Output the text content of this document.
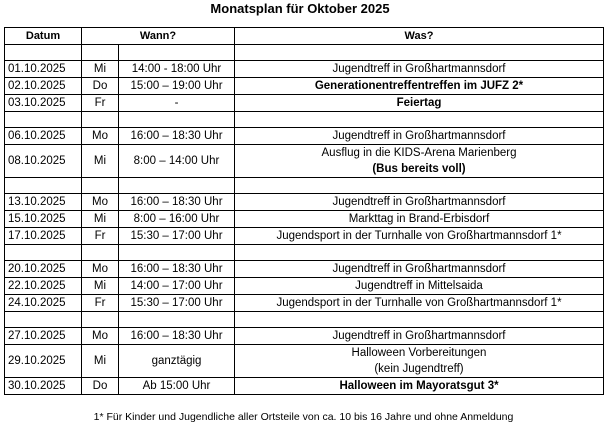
Monatsplan für Oktober 2025
Datum	Wann?		Was?

01.10.2025	Mi	14:00 - 18:00 Uhr	Jugendtreff in Großhartmannsdorf

02.10.2025	Do	15:00 – 19:00 Uhr	Generationentreffentreffen im JUFZ 2*

03.10.2025	Fr	-	Feiertag

06.10.2025	Mo	16:00 – 18:30 Uhr	Jugendtreff in Großhartmannsdorf

08.10.2025	Mi	8:00 – 14:00 Uhr	Ausflug in die KIDS-Arena Marienberg
(Bus bereits voll)

13.10.2025	Mo	16:00 – 18:30 Uhr	Jugendtreff in Großhartmannsdorf

15.10.2025	Mi	8:00 – 16:00 Uhr	Markttag in Brand-Erbisdorf

17.10.2025	Fr	15:30 – 17:00 Uhr	Jugendsport in der Turnhalle von Großhartmannsdorf 1*

20.10.2025	Mo	16:00 – 18:30 Uhr	Jugendtreff in Großhartmannsdorf

22.10.2025	Mi	14:00 – 17:00 Uhr	Jugendtreff in Mittelsaida

24.10.2025	Fr	15:30 – 17:00 Uhr	Jugendsport in der Turnhalle von Großhartmannsdorf 1*

27.10.2025	Mo	16:00 – 18:30 Uhr	Jugendtreff in Großhartmannsdorf

29.10.2025	Mi	ganztägig	Halloween Vorbereitungen
(kein Jugendtreff)

30.10.2025	Do	Ab 15:00 Uhr	Halloween im Mayoratsgut 3*
1* Für Kinder und Jugendliche aller Ortsteile von ca. 10 bis 16 Jahre und ohne Anmeldung
